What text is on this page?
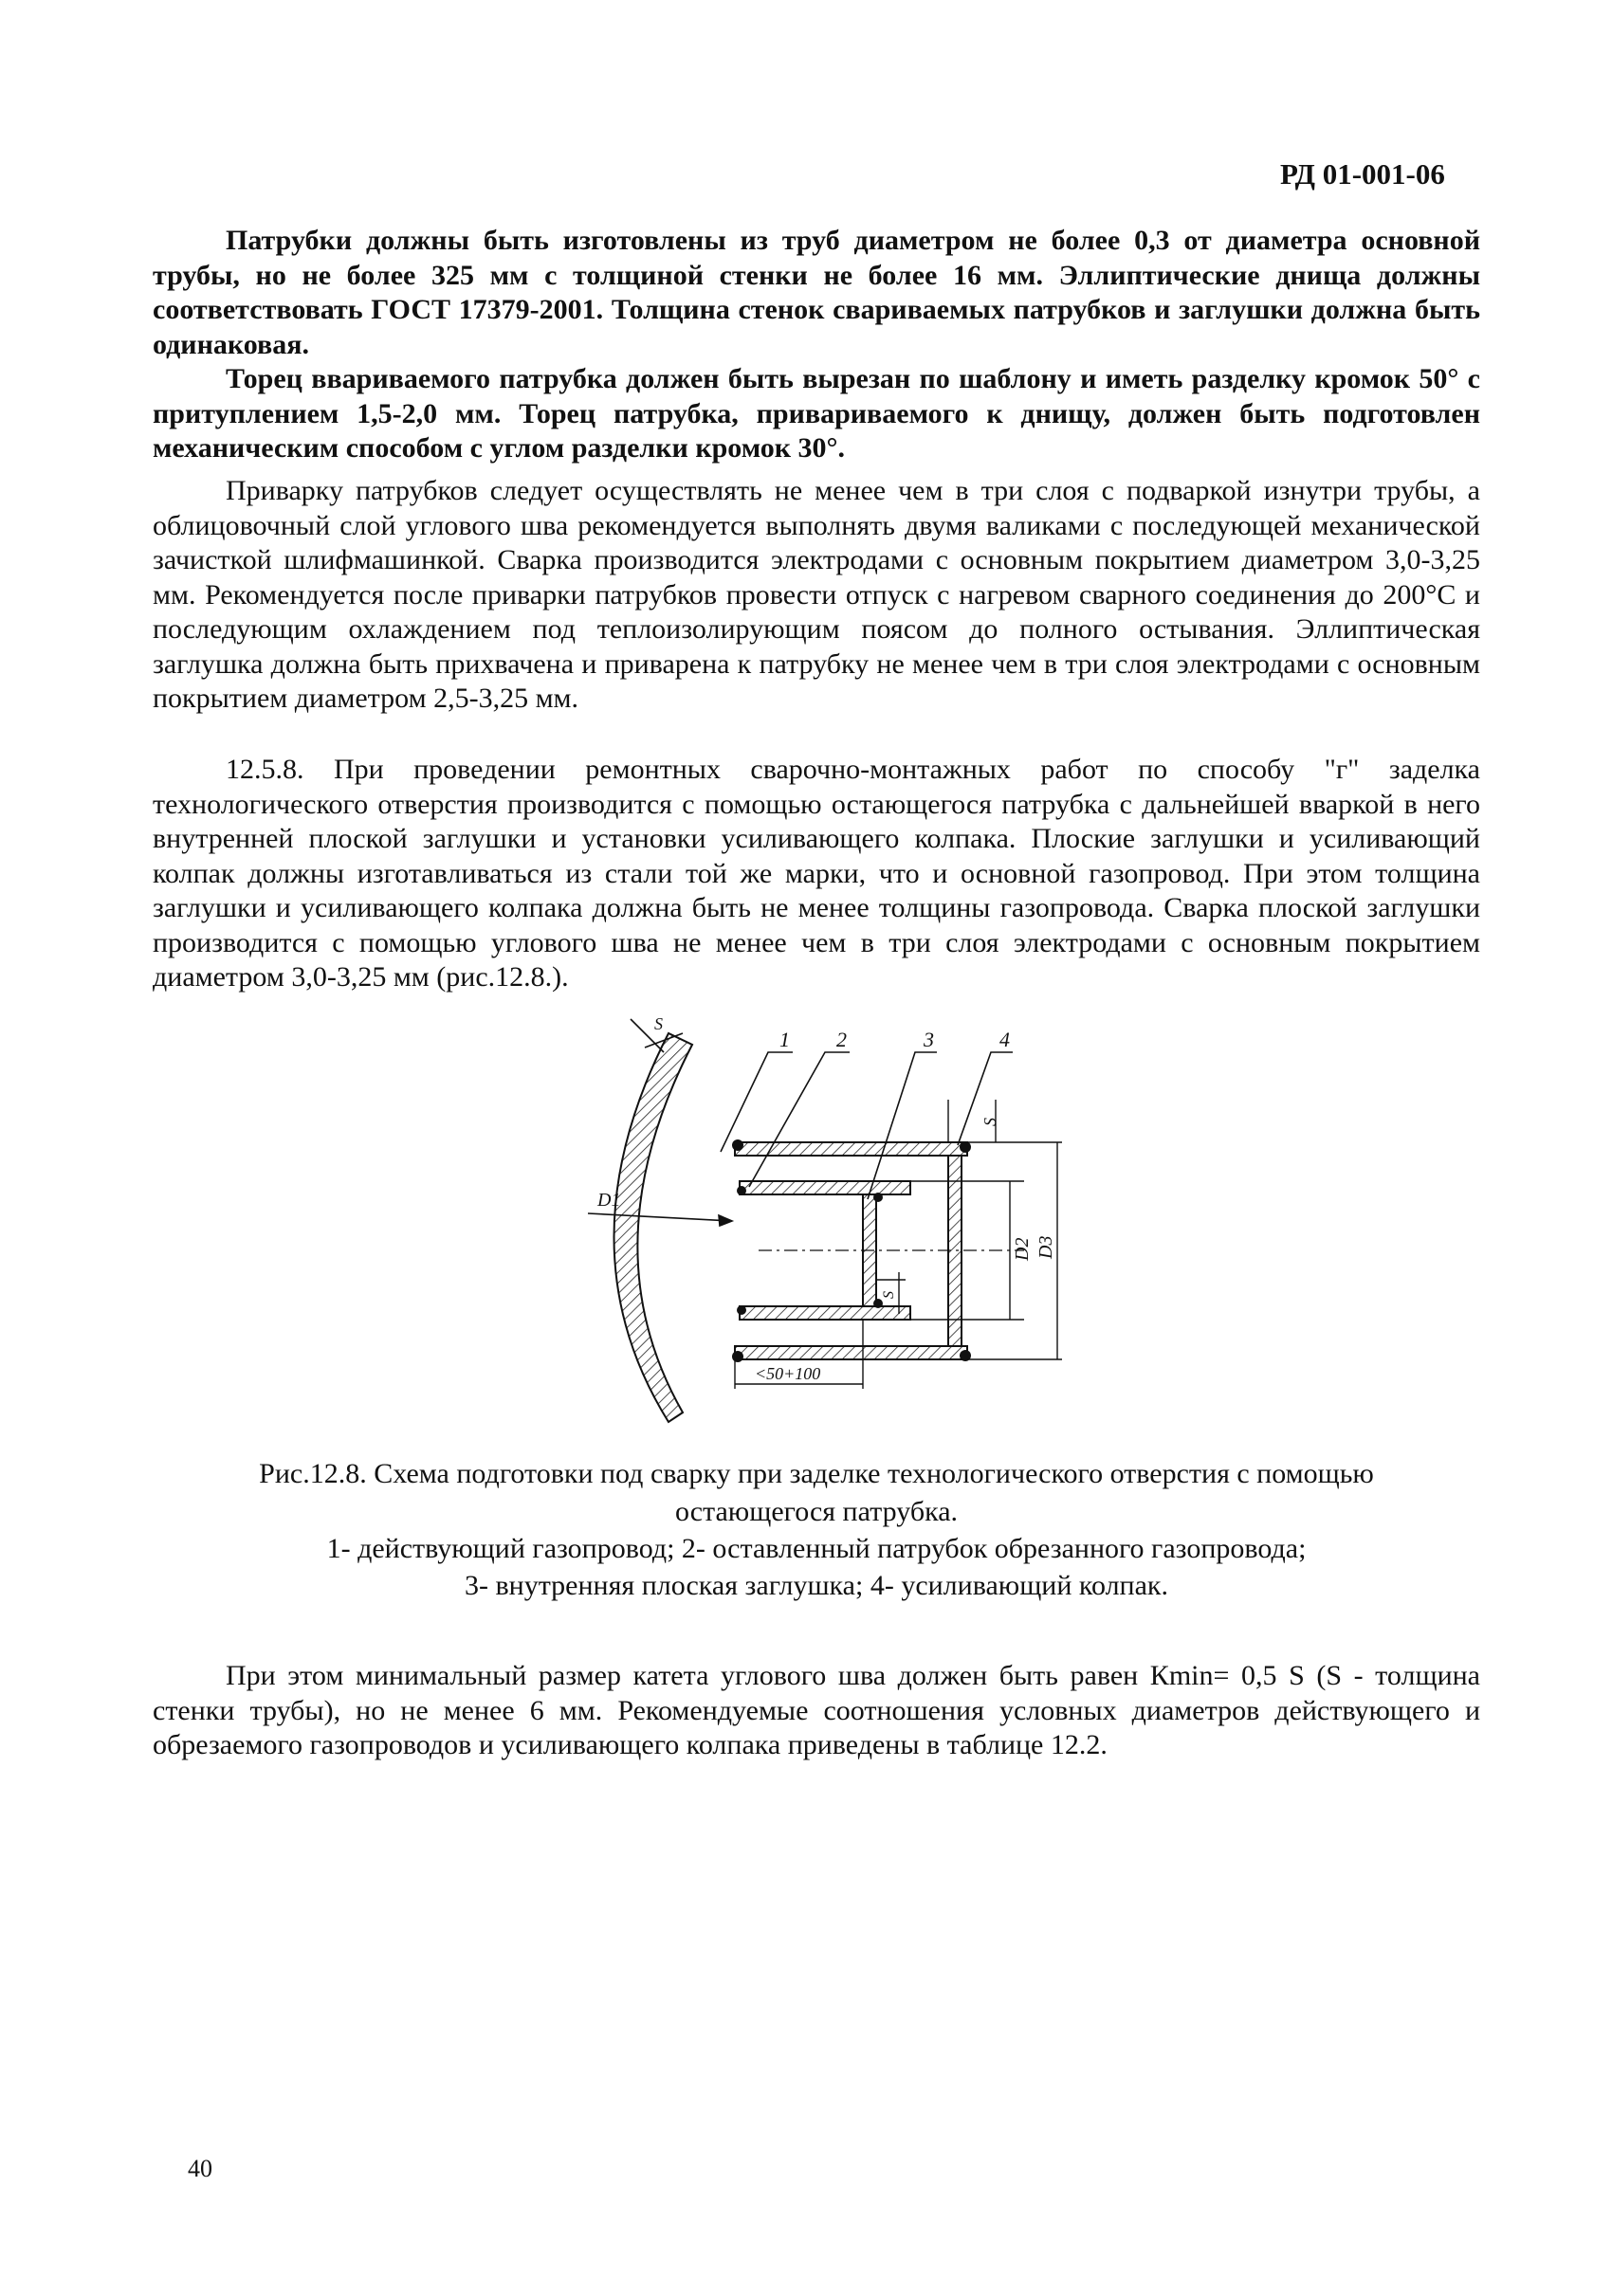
РД 01-001-06

Патрубки должны быть изготовлены из труб диаметром не более 0,3 от диаметра основной трубы, но не более 325 мм с толщиной стенки не более 16 мм. Эллиптические днища должны соответствовать ГОСТ 17379-2001. Толщина стенок свариваемых патрубков и заглушки должна быть одинаковая.

Торец ввариваемого патрубка должен быть вырезан по шаблону и иметь разделку кромок 50° с притуплением 1,5-2,0 мм. Торец патрубка, привариваемого к днищу, должен быть подготовлен механическим способом с углом разделки кромок 30°.

Приварку патрубков следует осуществлять не менее чем в три слоя с подваркой изнутри трубы, а облицовочный слой углового шва рекомендуется выполнять двумя валиками с последующей механической зачисткой шлифмашинкой. Сварка производится электродами с основным покрытием диаметром 3,0-3,25 мм. Рекомендуется после приварки патрубков провести отпуск с нагревом сварного соединения до 200°С и последующим охлаждением под теплоизолирующим поясом до полного остывания. Эллиптическая заглушка должна быть прихвачена и приварена к патрубку не менее чем в три слоя электродами с основным покрытием диаметром 2,5-3,25 мм.

12.5.8. При проведении ремонтных сварочно-монтажных работ по способу "г" заделка технологического отверстия производится с помощью остающегося патрубка с дальнейшей вваркой в него внутренней плоской заглушки и установки усиливающего колпака. Плоские заглушки и усиливающий колпак должны изготавливаться из стали той же марки, что и основной газопровод. При этом толщина заглушки и усиливающего колпака должна быть не менее толщины газопровода. Сварка плоской заглушки производится с помощью углового шва не менее чем в три слоя электродами с основным покрытием диаметром 3,0-3,25 мм (рис.12.8.).

1 2	3	4
S
S
S
D1
D2 D3
<50+100
Рис.12.8. Схема подготовки под сварку при заделке технологического отверстия с помощью
остающегося патрубка.
1- действующий газопровод; 2- оставленный патрубок обрезанного газопровода;
3- внутренняя плоская заглушка; 4- усиливающий колпак.

При этом минимальный размер катета углового шва должен быть равен Кmin= 0,5 S (S - толщина стенки трубы), но не менее 6 мм. Рекомендуемые соотношения условных диаметров действующего и обрезаемого газопроводов и усиливающего колпака приведены в таблице 12.2.

40
